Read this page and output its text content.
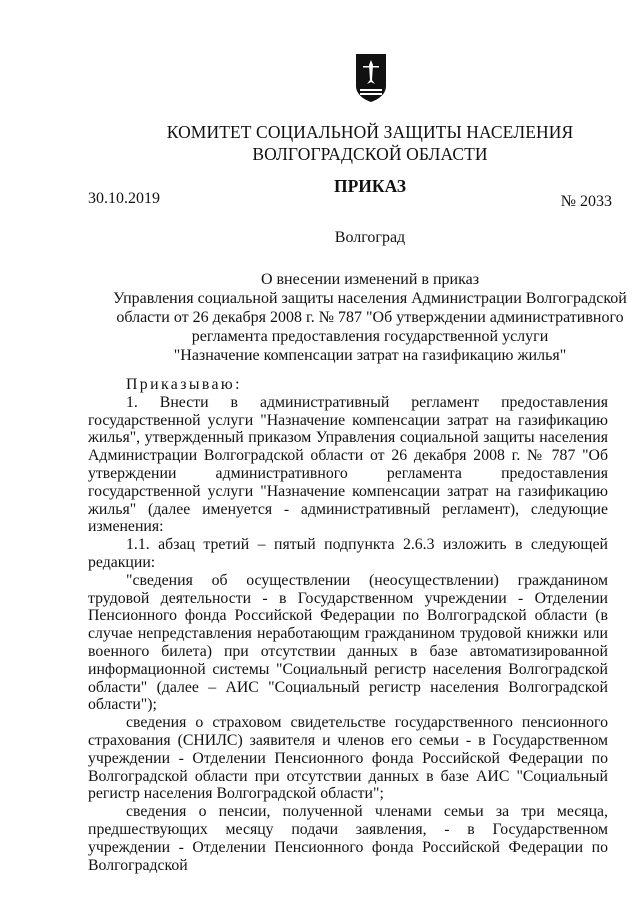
КОМИТЕТ СОЦИАЛЬНОЙ ЗАЩИТЫ НАСЕЛЕНИЯ
ВОЛГОГРАДСКОЙ ОБЛАСТИ
ПРИКАЗ
30.10.2019	№ 2033
Волгоград
О внесении изменений в приказ
Управления социальной защиты населения Администрации Волгоградской
области от 26 декабря 2008 г. № 787 "Об утверждении административного
регламента предоставления государственной услуги
"Назначение компенсации затрат на газификацию жилья"

Приказываю:

1. Внести в административный регламент предоставления государственной услуги "Назначение компенсации затрат на газификацию жилья", утвержденный приказом Управления социальной защиты населения Администрации Волгоградской области от 26 декабря 2008 г. № 787 "Об утверждении административного регламента предоставления государственной услуги "Назначение компенсации затрат на газификацию жилья" (далее именуется - административный регламент), следующие изменения:

1.1. абзац третий – пятый подпункта 2.6.3 изложить в следующей редакции:

"сведения об осуществлении (неосуществлении) гражданином трудовой деятельности - в Государственном учреждении - Отделении Пенсионного фонда Российской Федерации по Волгоградской области (в случае непредставления неработающим гражданином трудовой книжки или военного билета) при отсутствии данных в базе автоматизированной информационной системы "Социальный регистр населения Волгоградской области" (далее – АИС "Социальный регистр населения Волгоградской области");

сведения о страховом свидетельстве государственного пенсионного страхования (СНИЛС) заявителя и членов его семьи - в Государственном учреждении - Отделении Пенсионного фонда Российской Федерации по Волгоградской области при отсутствии данных в базе АИС "Социальный регистр населения Волгоградской области";

сведения о пенсии, полученной членами семьи за три месяца, предшествующих месяцу подачи заявления, - в Государственном учреждении - Отделении Пенсионного фонда Российской Федерации по Волгоградской
